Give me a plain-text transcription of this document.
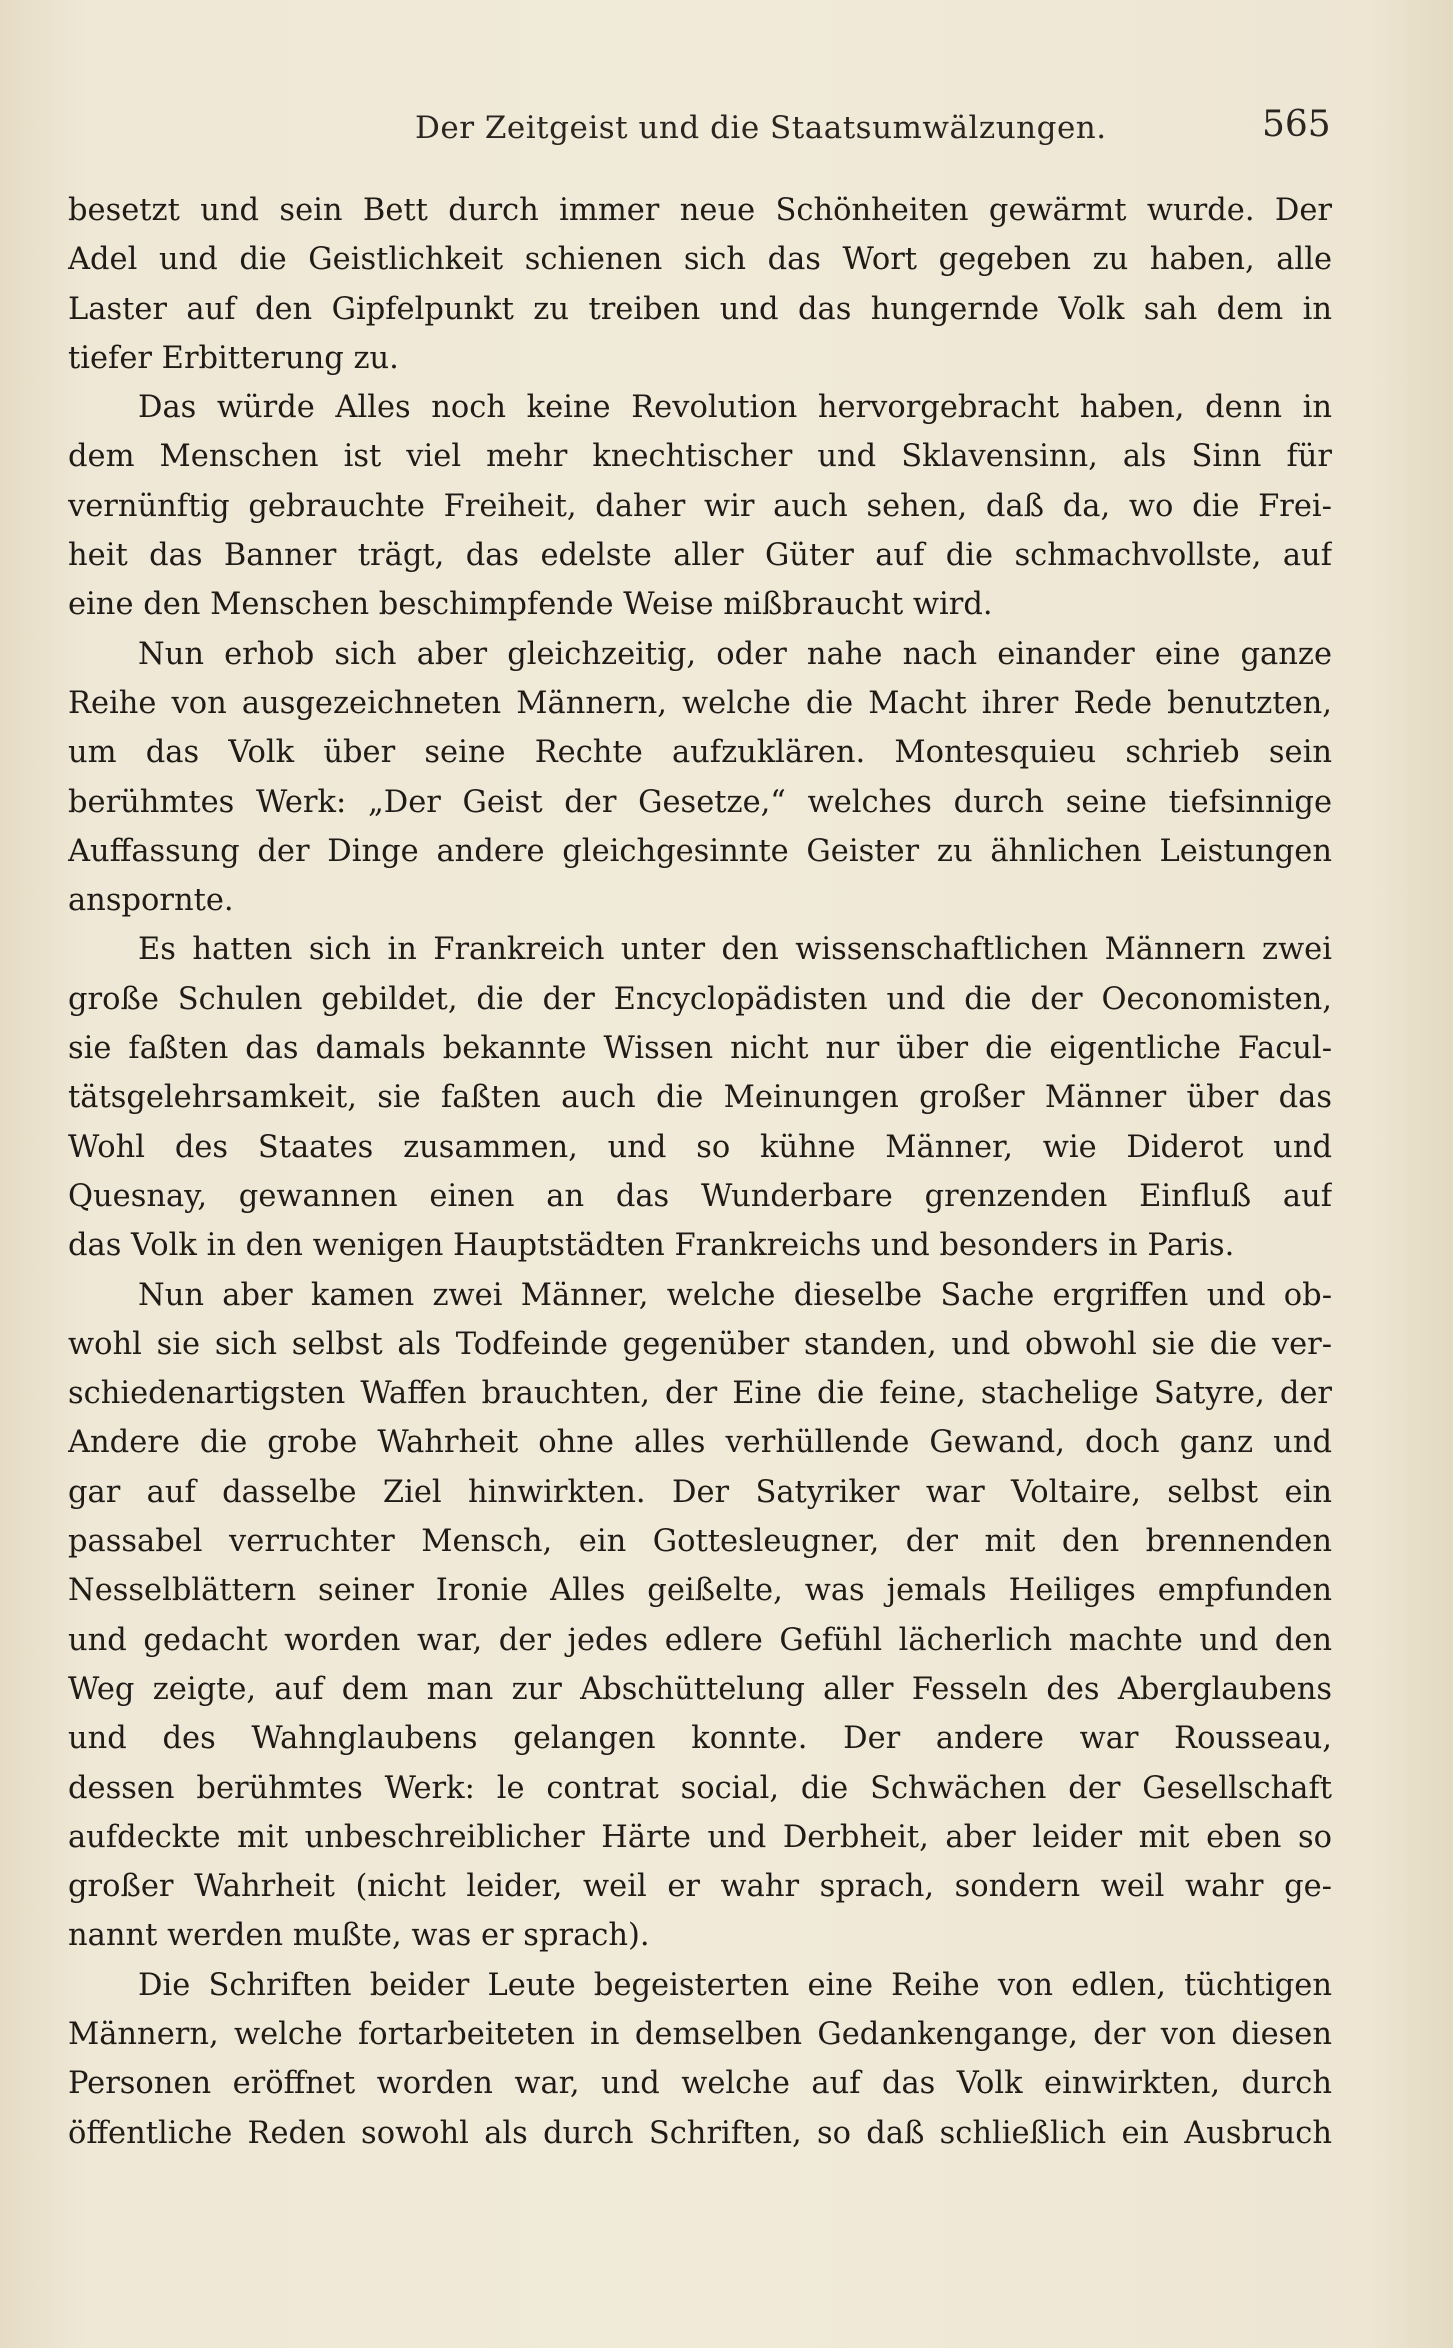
Der Zeitgeist und die Staatsumwälzungen.	565
besetzt und sein Bett durch immer neue Schönheiten gewärmt wurde. Der
Adel und die Geistlichkeit schienen sich das Wort gegeben zu haben, alle
Laster auf den Gipfelpunkt zu treiben und das hungernde Volk sah dem in
tiefer Erbitterung zu.
Das würde Alles noch keine Revolution hervorgebracht haben, denn in
dem Menschen ist viel mehr knechtischer und Sklavensinn, als Sinn für
vernünftig gebrauchte Freiheit, daher wir auch sehen, daß da, wo die Frei-
heit das Banner trägt, das edelste aller Güter auf die schmachvollste, auf
eine den Menschen beschimpfende Weise mißbraucht wird.
Nun erhob sich aber gleichzeitig, oder nahe nach einander eine ganze
Reihe von ausgezeichneten Männern, welche die Macht ihrer Rede benutzten,
um das Volk über seine Rechte aufzuklären. Montesquieu schrieb sein
berühmtes Werk: „Der Geist der Gesetze,“ welches durch seine tiefsinnige
Auffassung der Dinge andere gleichgesinnte Geister zu ähnlichen Leistungen
anspornte.
Es hatten sich in Frankreich unter den wissenschaftlichen Männern zwei
große Schulen gebildet, die der Encyclopädisten und die der Oeconomisten,
sie faßten das damals bekannte Wissen nicht nur über die eigentliche Facul-
tätsgelehrsamkeit, sie faßten auch die Meinungen großer Männer über das
Wohl des Staates zusammen, und so kühne Männer, wie Diderot und
Quesnay, gewannen einen an das Wunderbare grenzenden Einfluß auf
das Volk in den wenigen Hauptstädten Frankreichs und besonders in Paris.
Nun aber kamen zwei Männer, welche dieselbe Sache ergriffen und ob-
wohl sie sich selbst als Todfeinde gegenüber standen, und obwohl sie die ver-
schiedenartigsten Waffen brauchten, der Eine die feine, stachelige Satyre, der
Andere die grobe Wahrheit ohne alles verhüllende Gewand, doch ganz und
gar auf dasselbe Ziel hinwirkten. Der Satyriker war Voltaire, selbst ein
passabel verruchter Mensch, ein Gottesleugner, der mit den brennenden
Nesselblättern seiner Ironie Alles geißelte, was jemals Heiliges empfunden
und gedacht worden war, der jedes edlere Gefühl lächerlich machte und den
Weg zeigte, auf dem man zur Abschüttelung aller Fesseln des Aberglaubens
und des Wahnglaubens gelangen konnte. Der andere war Rousseau,
dessen berühmtes Werk: le contrat social, die Schwächen der Gesellschaft
aufdeckte mit unbeschreiblicher Härte und Derbheit, aber leider mit eben so
großer Wahrheit (nicht leider, weil er wahr sprach, sondern weil wahr ge-
nannt werden mußte, was er sprach).
Die Schriften beider Leute begeisterten eine Reihe von edlen, tüchtigen
Männern, welche fortarbeiteten in demselben Gedankengange, der von diesen
Personen eröffnet worden war, und welche auf das Volk einwirkten, durch
öffentliche Reden sowohl als durch Schriften, so daß schließlich ein Ausbruch
